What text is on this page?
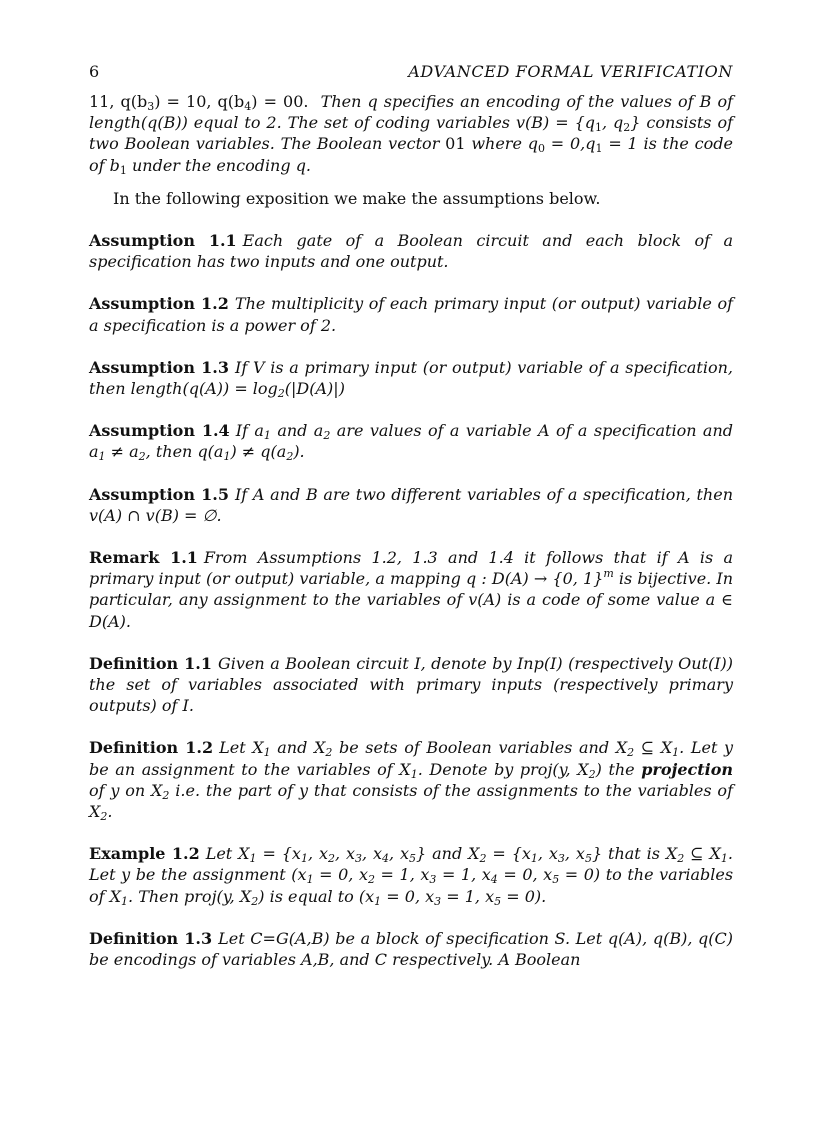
6	ADVANCED FORMAL VERIFICATION

11, $q(b_3) = 10$, $q(b_4) = 00$. Then q specifies an encoding of the values of B of length(q(B)) equal to 2. The set of coding variables $v(B) = \{q_1$, $q_2$} consists of two Boolean variables. The Boolean vector 01 where $q_0 = 0,q_1 = 1$ is the code of $b_1$ under the encoding q.

In the following exposition we make the assumptions below.

Assumption 1.1 Each gate of a Boolean circuit and each block of a specification has two inputs and one output.

Assumption 1.2 The multiplicity of each primary input (or output) variable of a specification is a power of 2.

Assumption 1.3 If V is a primary input (or output) variable of a specification, then length(q(A)) = $\log_2(|D(A)|)$

Assumption 1.4 If $a_1$ and $a_2$ are values of a variable A of a specification and $a_1 \ne a_2$, then $q(a_1) \ne q(a_2)$.

Assumption 1.5 If A and B are two different variables of a specification, then v(A) ∩ v(B) = ∅.

Remark 1.1 From Assumptions 1.2, 1.3 and 1.4 it follows that if A is a primary input (or output) variable, a mapping q : D(A) → {0, 1}$^m$ is bijective. In particular, any assignment to the variables of v(A) is a code of some value a ∈ D(A).

Definition 1.1 Given a Boolean circuit I, denote by Inp(I) (respectively Out(I)) the set of variables associated with primary inputs (respectively primary outputs) of I.

Definition 1.2 Let $X_1$ and $X_2$ be sets of Boolean variables and $X_2$ ⊆ $X_1$. Let y be an assignment to the variables of $X_1$. Denote by proj(y, $X_2$) the projection of y on $X_2$ i.e. the part of y that consists of the assignments to the variables of $X_2$.

Example 1.2 Let $X_1 = \{x_1$, $x_2$, $x_3$, $x_4$, $x_5$} and $X_2 = \{x_1$, $x_3$, $x_5$} that is $X_2$ ⊆ $X_1$. Let y be the assignment ($x_1 = 0$, $x_2 = 1$, $x_3 = 1$, $x_4 = 0$, $x_5 = 0$) to the variables of $X_1$. Then proj(y, $X_2$) is equal to ($x_1 = 0$, $x_3 = 1$, $x_5 = 0$).

Definition 1.3 Let C=G(A,B) be a block of specification S. Let q(A), q(B), q(C) be encodings of variables A,B, and C respectively. A Boolean
